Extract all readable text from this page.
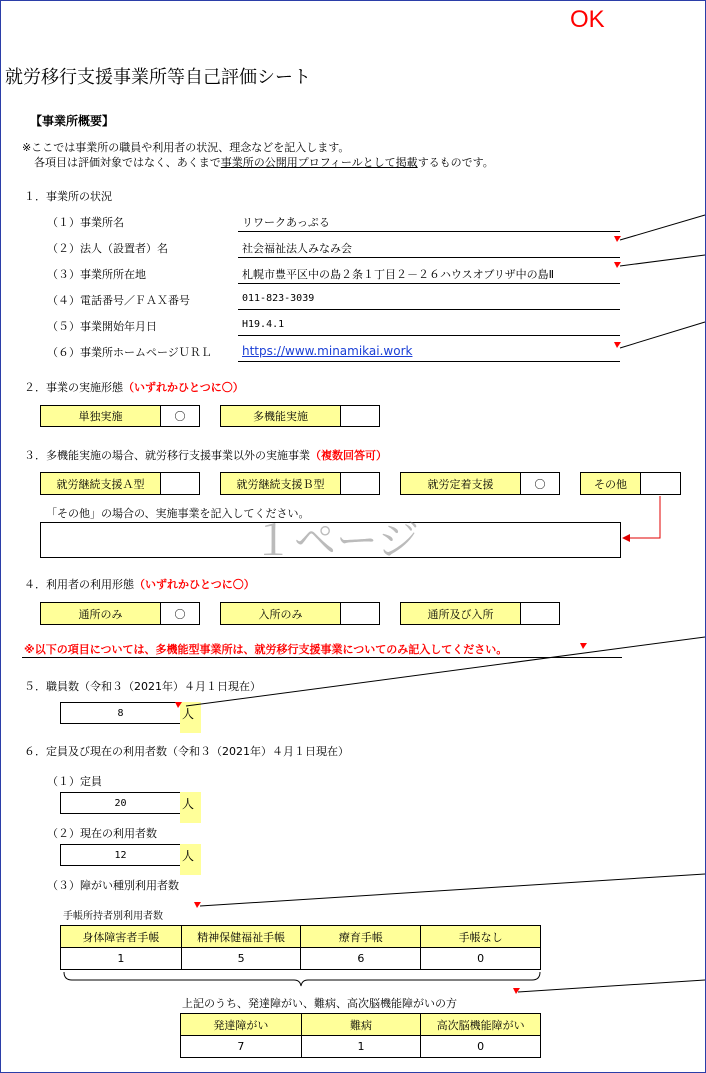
OK
就労移行支援事業所等自己評価シート
【事業所概要】
※ここでは事業所の職員や利用者の状況、理念などを記入します。
各項目は評価対象ではなく、あくまで事業所の公開用プロフィールとして掲載するものです。
１．事業所の状況
（１）事業所名	リワークあっぷる
（２）法人（設置者）名	社会福祉法人みなみ会
（３）事業所所在地	札幌市豊平区中の島２条１丁目２－２６ハウスオブリザ中の島Ⅱ
（４）電話番号／ＦＡＸ番号	011-823-3039
（５）事業開始年月日	H19.4.1
（６）事業所ホームページＵＲＬ	https://www.minamikai.work
２．事業の実施形態（いずれかひとつに〇）
単独実施	〇	多機能実施
３．多機能実施の場合、就労移行支援事業以外の実施事業（複数回答可）
就労継続支援Ａ型	就労継続支援Ｂ型	就労定着支援	〇	その他
「その他」の場合の、実施事業を記入してください。
１ページ
４．利用者の利用形態（いずれかひとつに〇）
通所のみ	〇	入所のみ	通所及び入所
※以下の項目については、多機能型事業所は、就労移行支援事業についてのみ記入してください。
５．職員数（令和３（2021年）４月１日現在）
8	人
６．定員及び現在の利用者数（令和３（2021年）４月１日現在）
（１）定員
20	人
（２）現在の利用者数
12	人
（３）障がい種別利用者数
手帳所持者別利用者数
身体障害者手帳	精神保健福祉手帳	療育手帳	手帳なし
1	5	6	0
上記のうち、発達障がい、難病、高次脳機能障がいの方
発達障がい	難病	高次脳機能障がい
7	1	0
